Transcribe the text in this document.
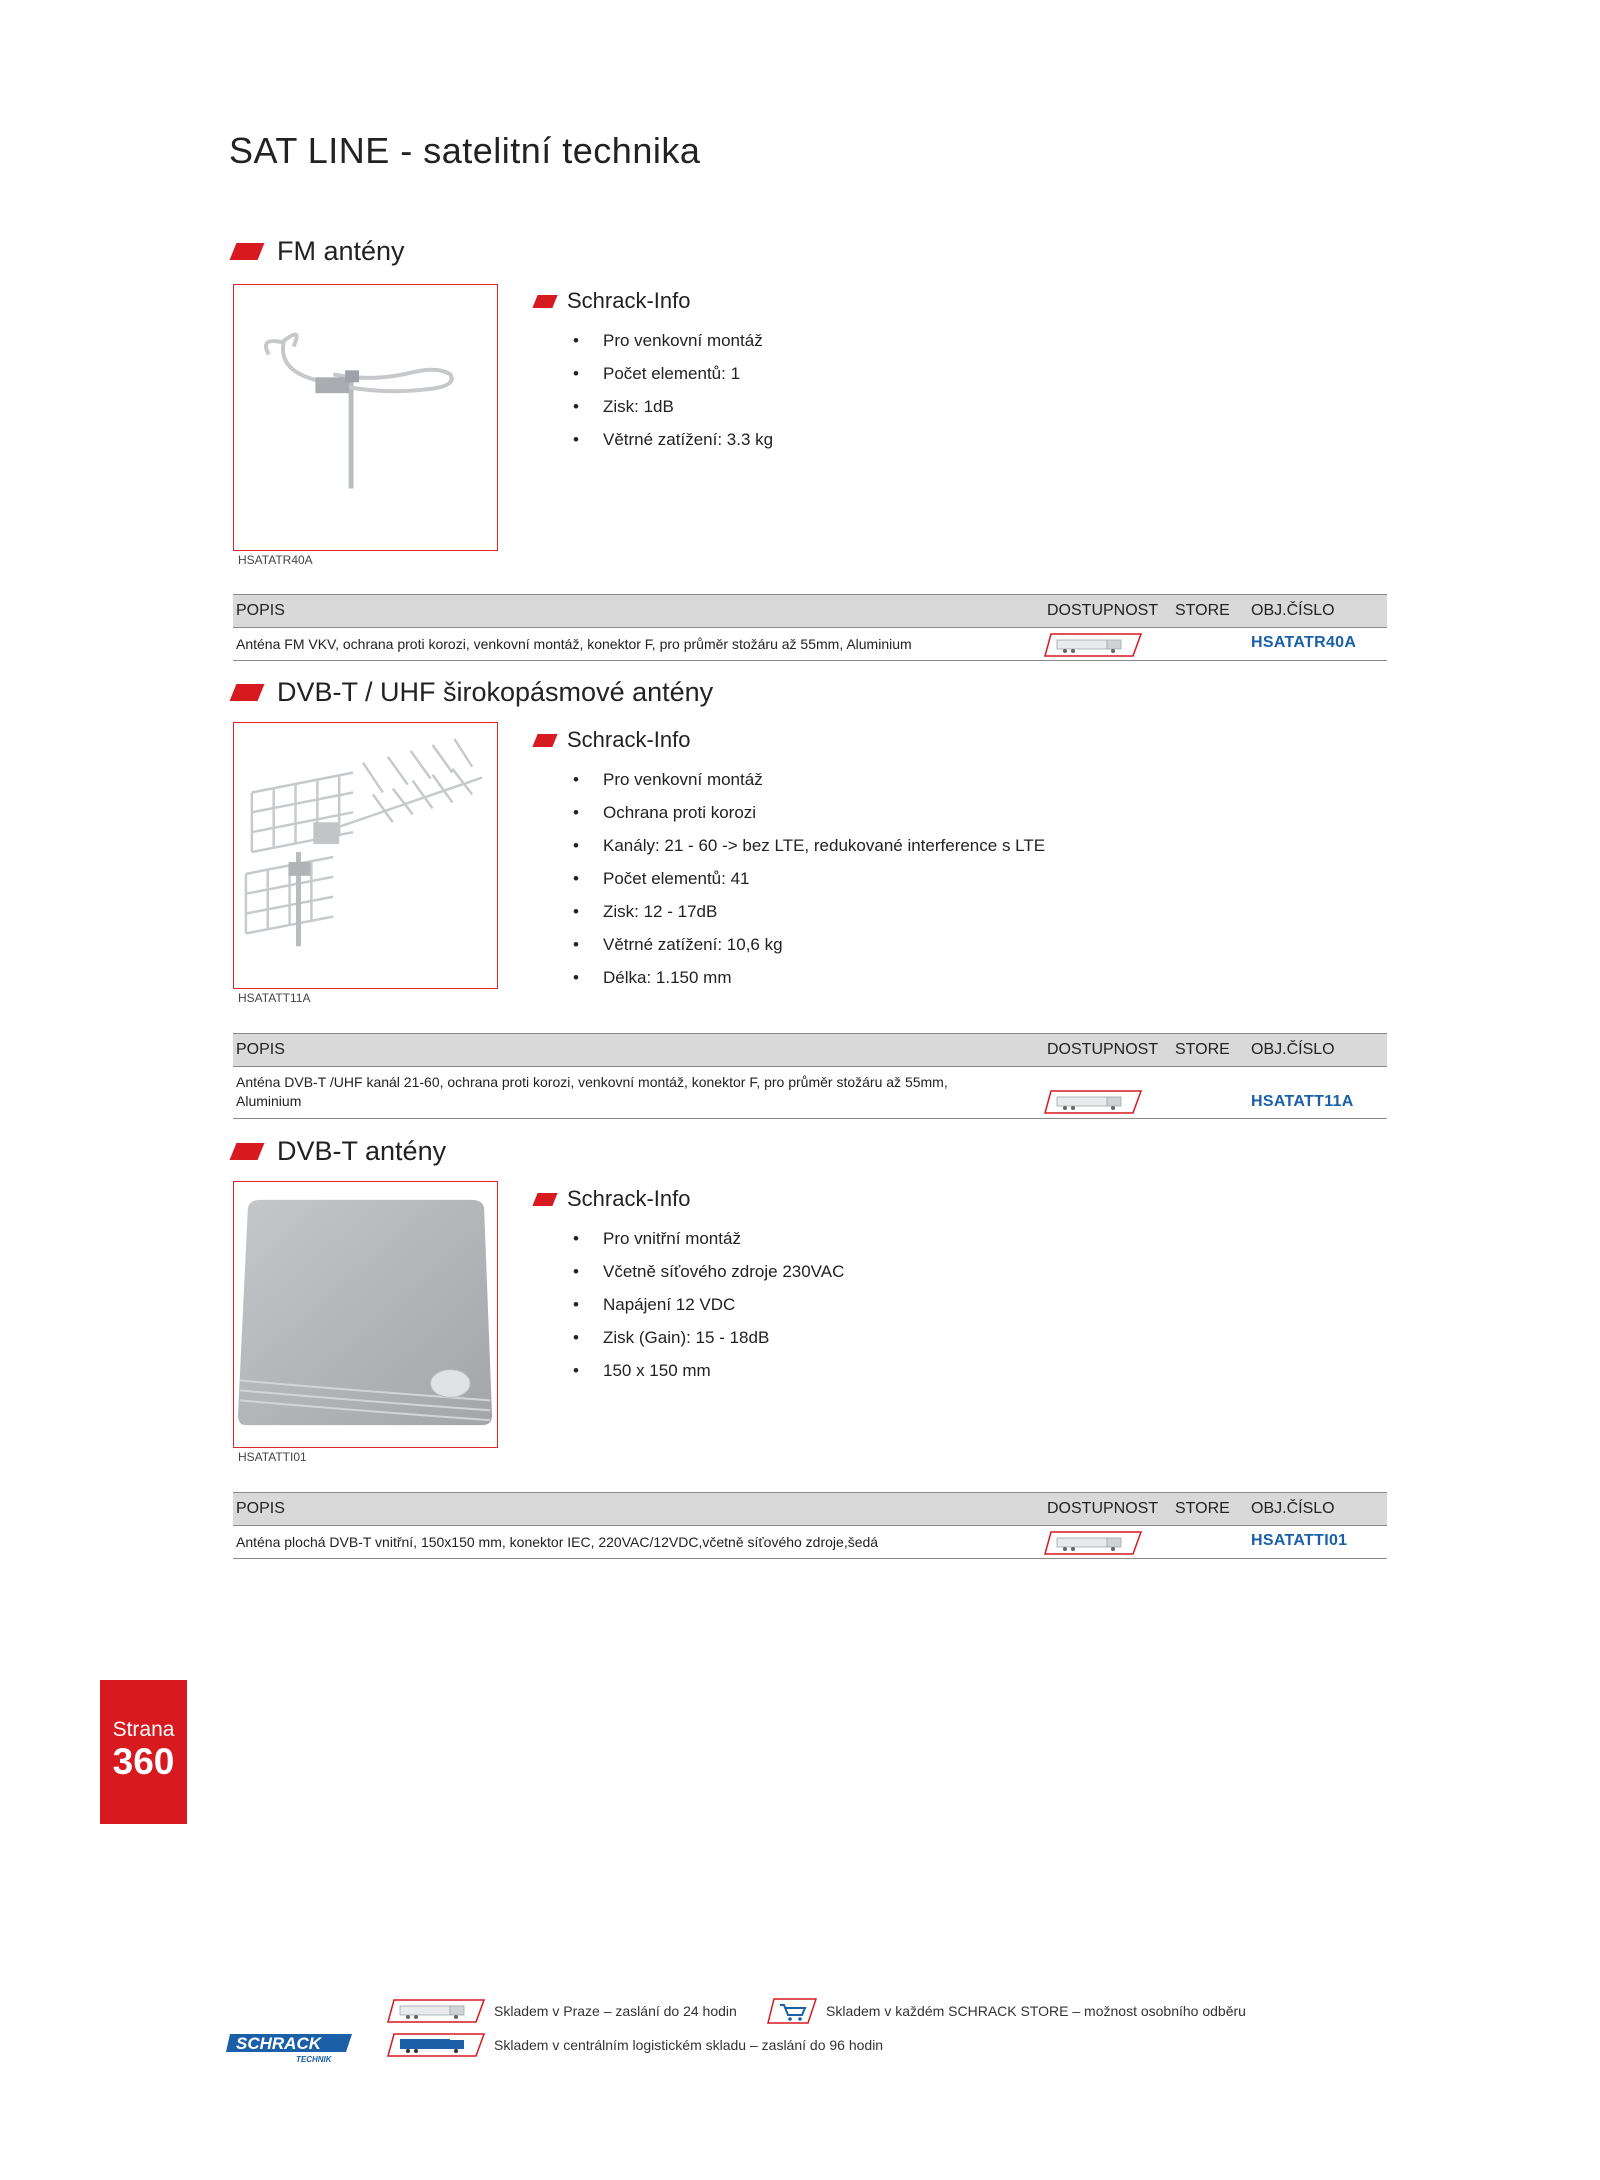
SAT LINE - satelitní technika
FM antény
HSATATR40A
Schrack-Info
• Pro venkovní montáž
• Počet elementů: 1
• Zisk: 1dB
• Větrné zatížení: 3.3 kg
POPIS	DOSTUPNOST STORE OBJ.ČÍSLO
Anténa FM VKV, ochrana proti korozi, venkovní montáž, konektor F, pro průměr stožáru až 55mm, Aluminium	HSATATR40A
DVB-T / UHF širokopásmové antény
HSATATT11A
Schrack-Info
• Pro venkovní montáž
• Ochrana proti korozi
• Kanály: 21 - 60 -> bez LTE, redukované interference s LTE
• Počet elementů: 41
• Zisk: 12 - 17dB
• Větrné zatížení: 10,6 kg
• Délka: 1.150 mm
POPIS	DOSTUPNOST STORE OBJ.ČÍSLO
Anténa DVB-T /UHF kanál 21-60, ochrana proti korozi, venkovní montáž, konektor F, pro průměr stožáru až 55mm,
Aluminium	HSATATT11A
DVB-T antény
HSATATTI01
Schrack-Info
• Pro vnitřní montáž
• Včetně síťového zdroje 230VAC
• Napájení 12 VDC
• Zisk (Gain): 15 - 18dB
• 150 x 150 mm
POPIS	DOSTUPNOST STORE OBJ.ČÍSLO
Anténa plochá DVB-T vnitřní, 150x150 mm, konektor IEC, 220VAC/12VDC,včetně síťového zdroje,šedá	HSATATTI01
Strana
360
Skladem v Praze – zaslání do 24 hodin	Skladem v každém SCHRACK STORE – možnost osobního odběru
Skladem v centrálním logistickém skladu – zaslání do 96 hodin
SCHRACK
TECHNIK
